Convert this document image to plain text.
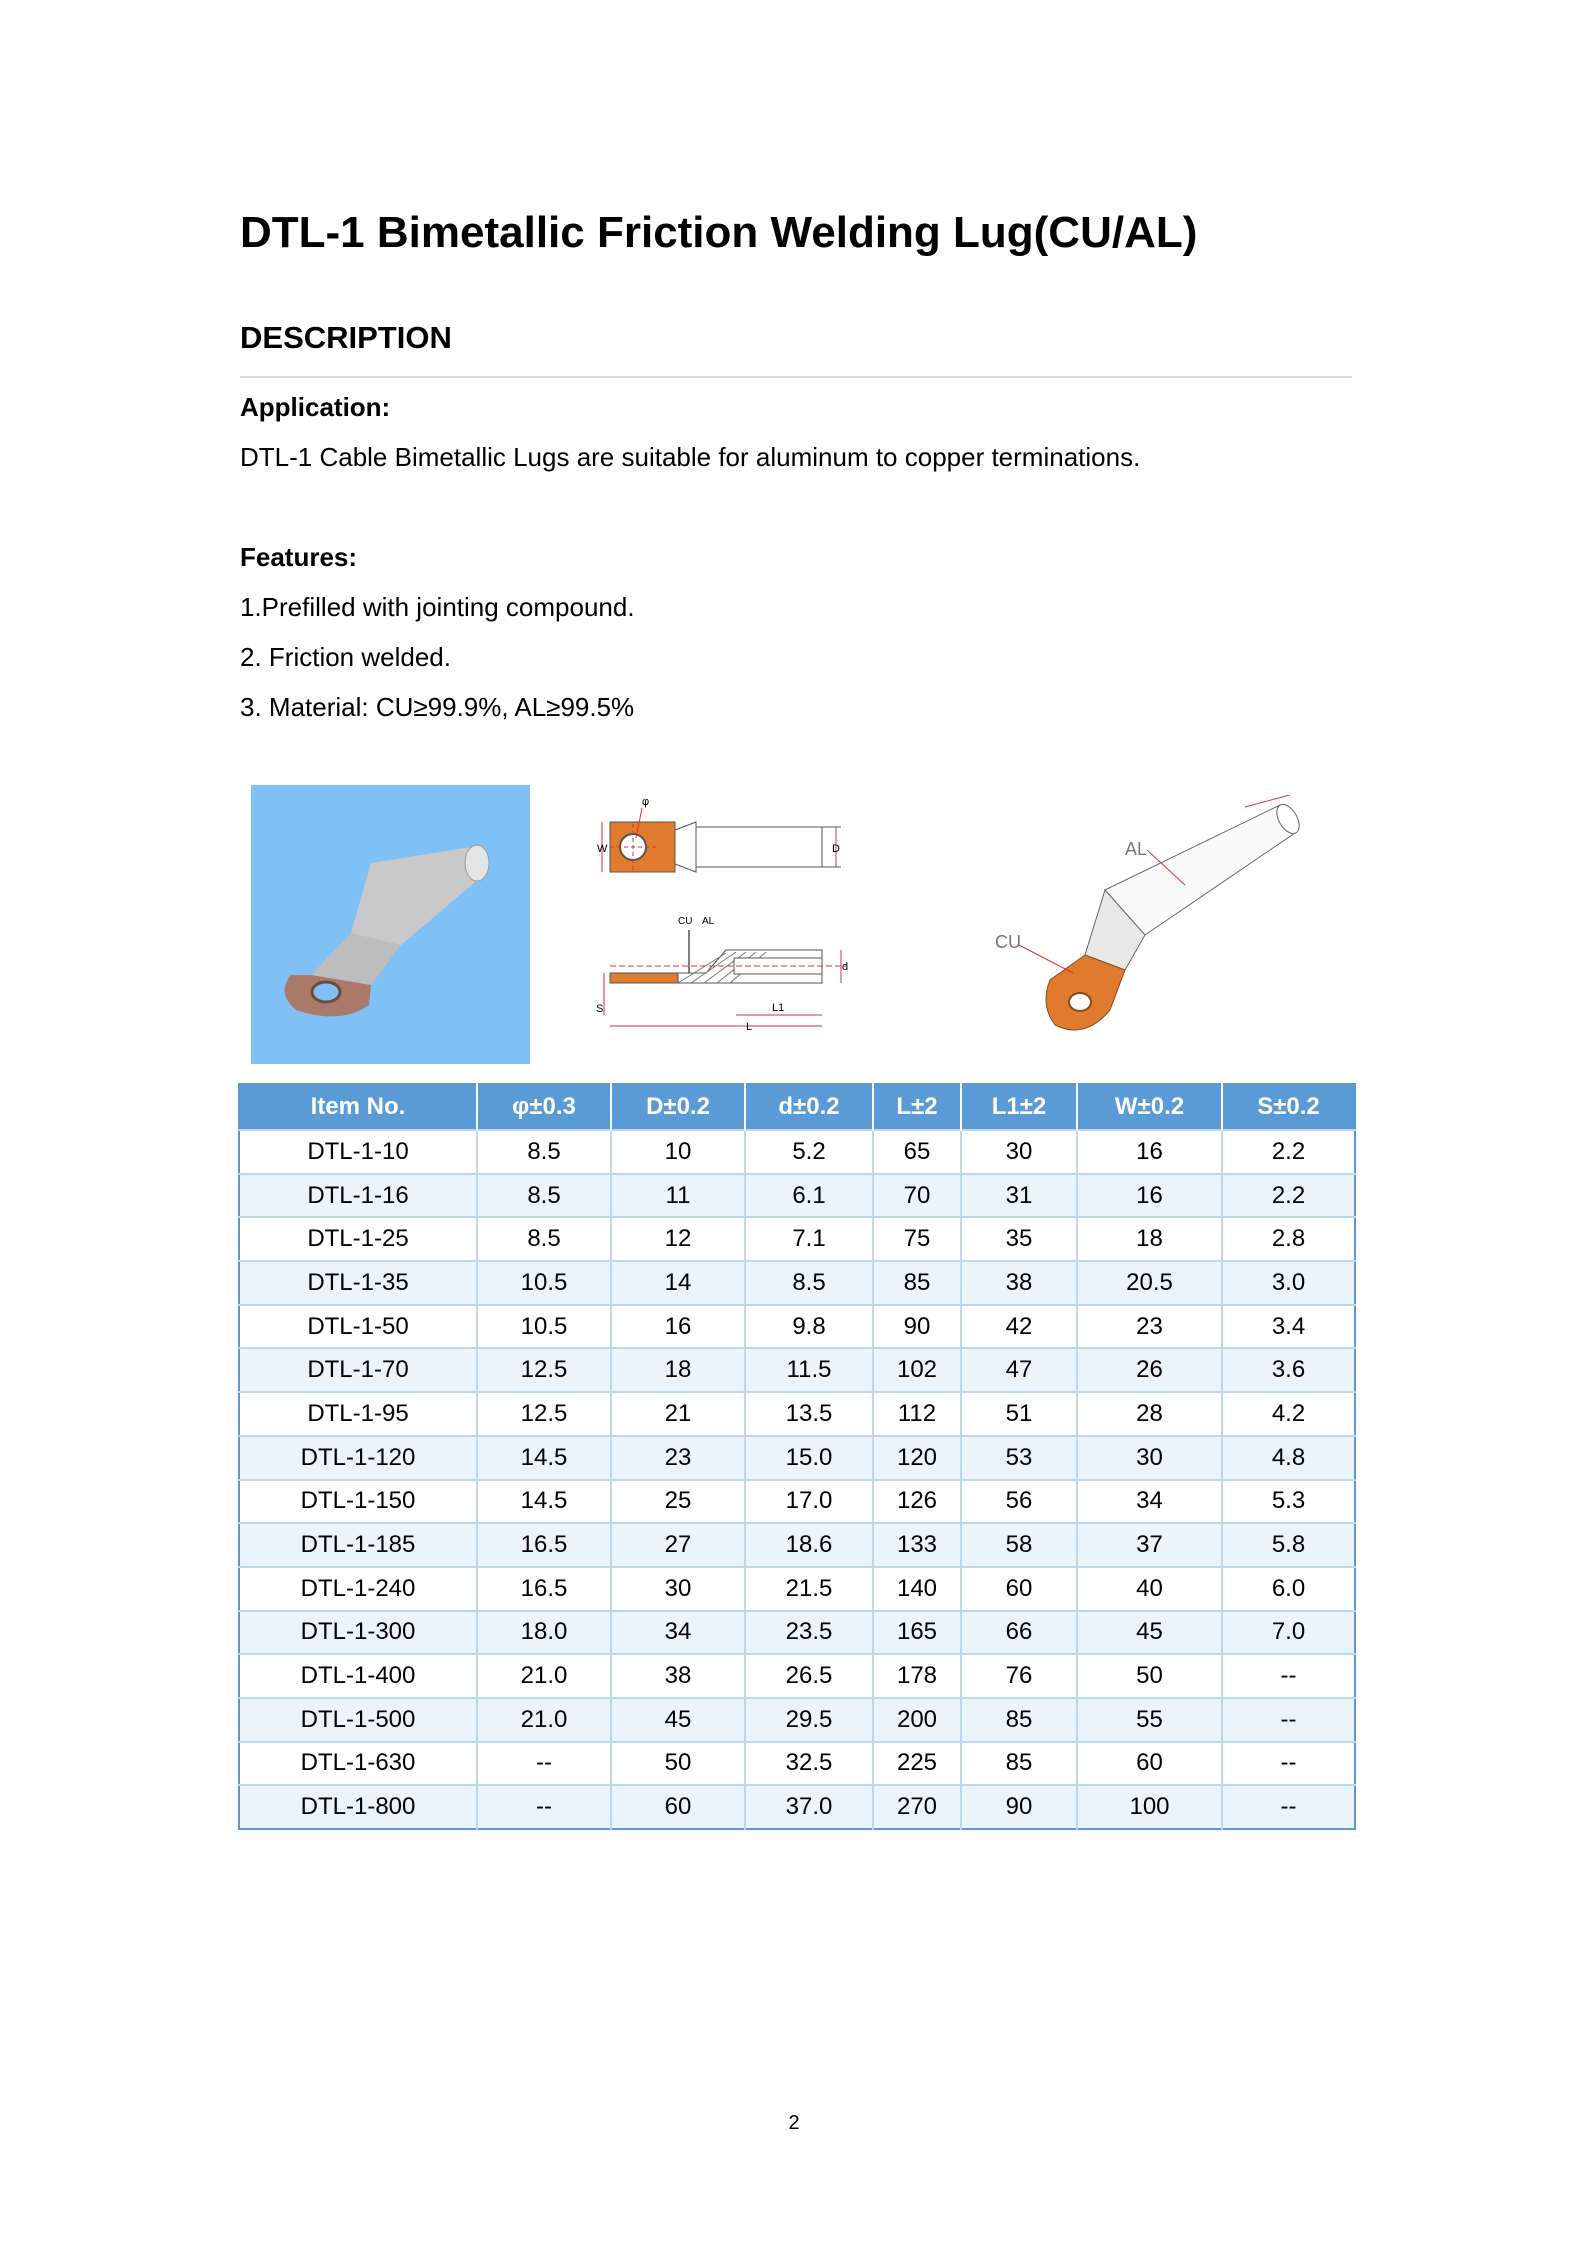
DTL-1 Bimetallic Friction Welding Lug(CU/AL)
DESCRIPTION
Application:
DTL-1 Cable Bimetallic Lugs are suitable for aluminum to copper terminations.
Features:
1.Prefilled with jointing compound.
2. Friction welded.
3. Material: CU≥99.9%, AL≥99.5%
φ
W	D
CU AL
d
S	L1
L
AL
CU
Item No.	φ±0.3	D±0.2	d±0.2	L±2	L1±2	W±0.2	S±0.2
DTL-1-10	8.5	10	5.2	65	30	16	2.2
DTL-1-16	8.5	11	6.1	70	31	16	2.2
DTL-1-25	8.5	12	7.1	75	35	18	2.8
DTL-1-35	10.5	14	8.5	85	38	20.5	3.0
DTL-1-50	10.5	16	9.8	90	42	23	3.4
DTL-1-70	12.5	18	11.5	102	47	26	3.6
DTL-1-95	12.5	21	13.5	112	51	28	4.2
DTL-1-120	14.5	23	15.0	120	53	30	4.8
DTL-1-150	14.5	25	17.0	126	56	34	5.3
DTL-1-185	16.5	27	18.6	133	58	37	5.8
DTL-1-240	16.5	30	21.5	140	60	40	6.0
DTL-1-300	18.0	34	23.5	165	66	45	7.0
DTL-1-400	21.0	38	26.5	178	76	50	--
DTL-1-500	21.0	45	29.5	200	85	55	--
DTL-1-630	--	50	32.5	225	85	60	--
DTL-1-800	--	60	37.0	270	90	100	--
2
